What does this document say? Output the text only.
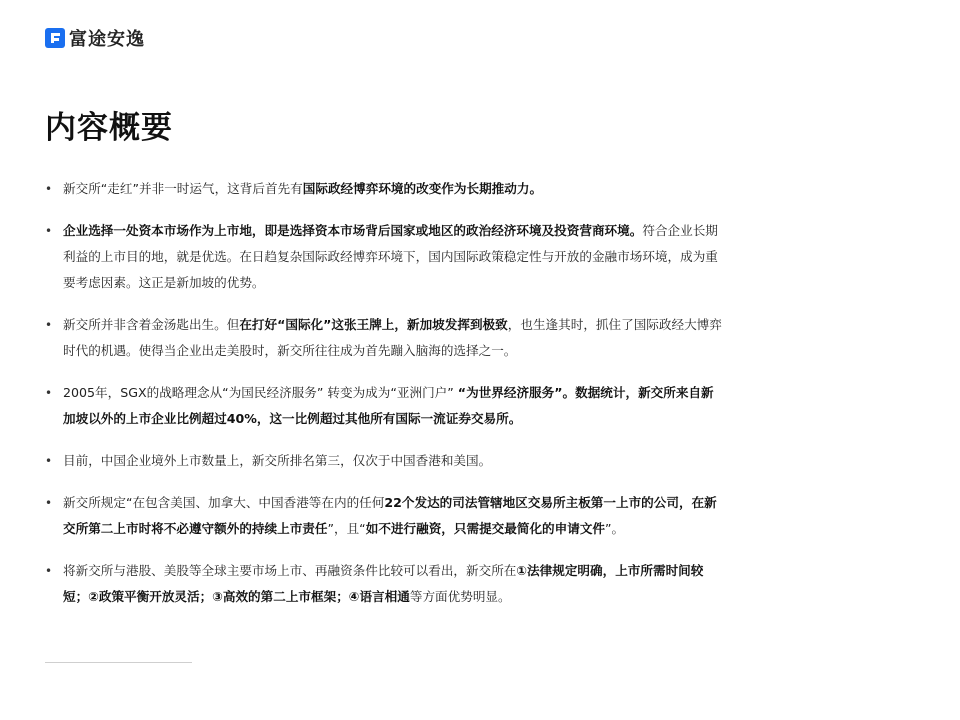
富途安逸
内容概要
• 新交所“走红”并非一时运气，这背后首先有国际政经博弈环境的改变作为长期推动力。
• 企业选择一处资本市场作为上市地，即是选择资本市场背后国家或地区的政治经济环境及投资营商环境。符合企业长期利益的上市目的地，就是优选。在日趋复杂国际政经博弈环境下，国内国际政策稳定性与开放的金融市场环境，成为重要考虑因素。这正是新加坡的优势。
• 新交所并非含着金汤匙出生。但在打好“国际化”这张王牌上，新加坡发挥到极致，也生逢其时，抓住了国际政经大博弈时代的机遇。使得当企业出走美股时，新交所往往成为首先蹦入脑海的选择之一。
• 2005年，SGX的战略理念从“为国民经济服务” 转变为成为“亚洲门户” “为世界经济服务”。数据统计，新交所来自新加坡以外的上市企业比例超过40%，这一比例超过其他所有国际一流证券交易所。
• 目前，中国企业境外上市数量上，新交所排名第三，仅次于中国香港和美国。
• 新交所规定“在包含美国、加拿大、中国香港等在内的任何22个发达的司法管辖地区交易所主板第一上市的公司，在新交所第二上市时将不必遵守额外的持续上市责任”，且“如不进行融资，只需提交最简化的申请文件”。
• 将新交所与港股、美股等全球主要市场上市、再融资条件比较可以看出，新交所在①法律规定明确，上市所需时间较短；②政策平衡开放灵活；③高效的第二上市框架；④语言相通等方面优势明显。
